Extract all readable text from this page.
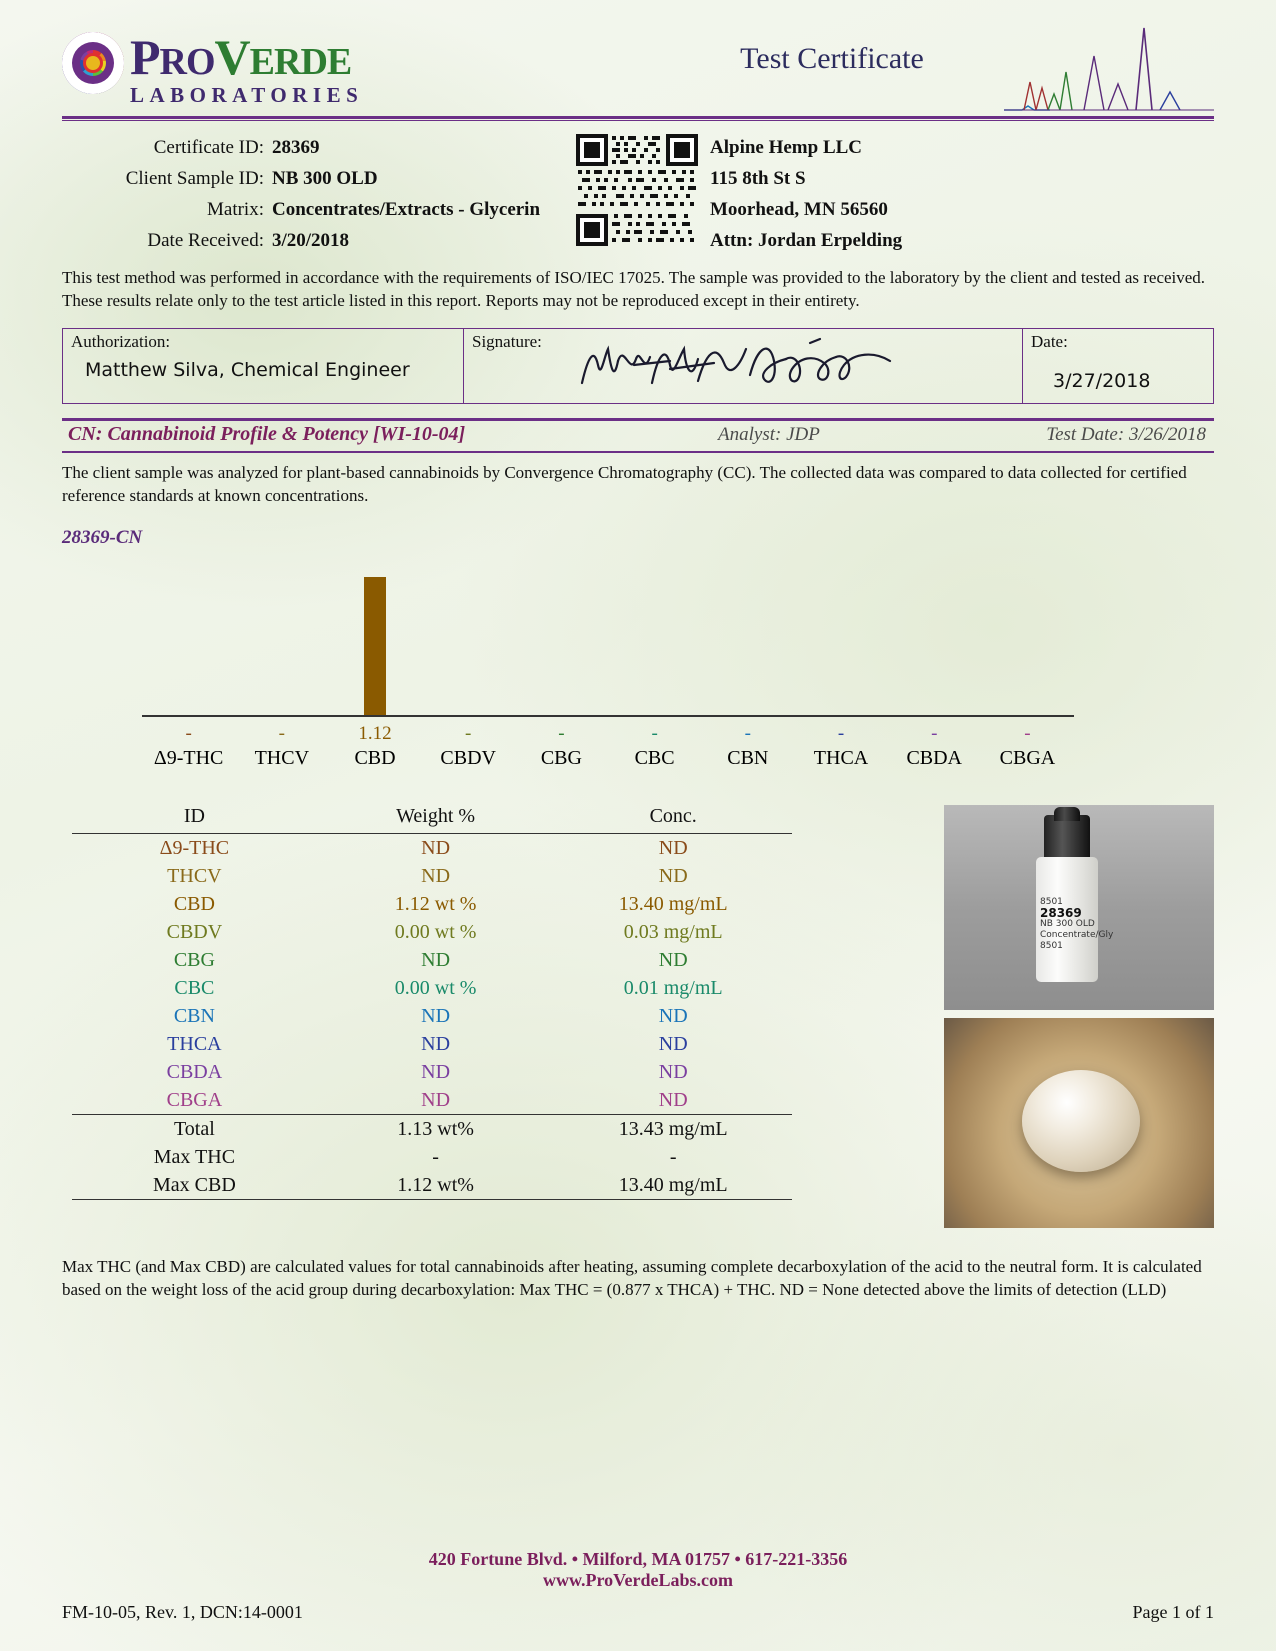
PROVERDE
LABORATORIES
Test Certificate
Certificate ID: 28369
Client Sample ID: NB 300 OLD
Matrix: Concentrates/Extracts - Glycerin
Date Received: 3/20/2018
Alpine Hemp LLC
115 8th St S
Moorhead, MN 56560
Attn: Jordan Erpelding
This test method was performed in accordance with the requirements of ISO/IEC 17025. The sample was provided to the laboratory by the client and tested as received. These results relate only to the test article listed in this report. Reports may not be reproduced except in their entirety.
Authorization:
Matthew Silva, Chemical Engineer
Signature:	Date:
3/27/2018
CN: Cannabinoid Profile & Potency [WI-10-04]	Analyst: JDP	Test Date: 3/26/2018
The client sample was analyzed for plant-based cannabinoids by Convergence Chromatography (CC). The collected data was compared to data collected for certified reference standards at known concentrations.
28369-CN
-
Δ9-THC
-
THCV
1.12
CBD
-
CBDV
-
CBG
-
CBC
-
CBN
-
THCA
-
CBDA
-
CBGA
ID	Weight %	Conc.
Δ9-THC	ND	ND
THCV	ND	ND
CBD	1.12 wt %	13.40 mg/mL
CBDV	0.00 wt %	0.03 mg/mL
CBG	ND	ND
CBC	0.00 wt %	0.01 mg/mL
CBN	ND	ND
THCA	ND	ND
CBDA	ND	ND
CBGA	ND	ND
Total	1.13 wt%	13.43 mg/mL
Max THC	-	-
Max CBD	1.12 wt%	13.40 mg/mL
8501
28369
NB 300 OLD
Concentrate/Gly
8501
Max THC (and Max CBD) are calculated values for total cannabinoids after heating, assuming complete decarboxylation of the acid to the neutral form. It is calculated based on the weight loss of the acid group during decarboxylation: Max THC = (0.877 x THCA) + THC. ND = None detected above the limits of detection (LLD)
420 Fortune Blvd. • Milford, MA 01757 • 617-221-3356
www.ProVerdeLabs.com
FM-10-05, Rev. 1, DCN:14-0001	Page 1 of 1
